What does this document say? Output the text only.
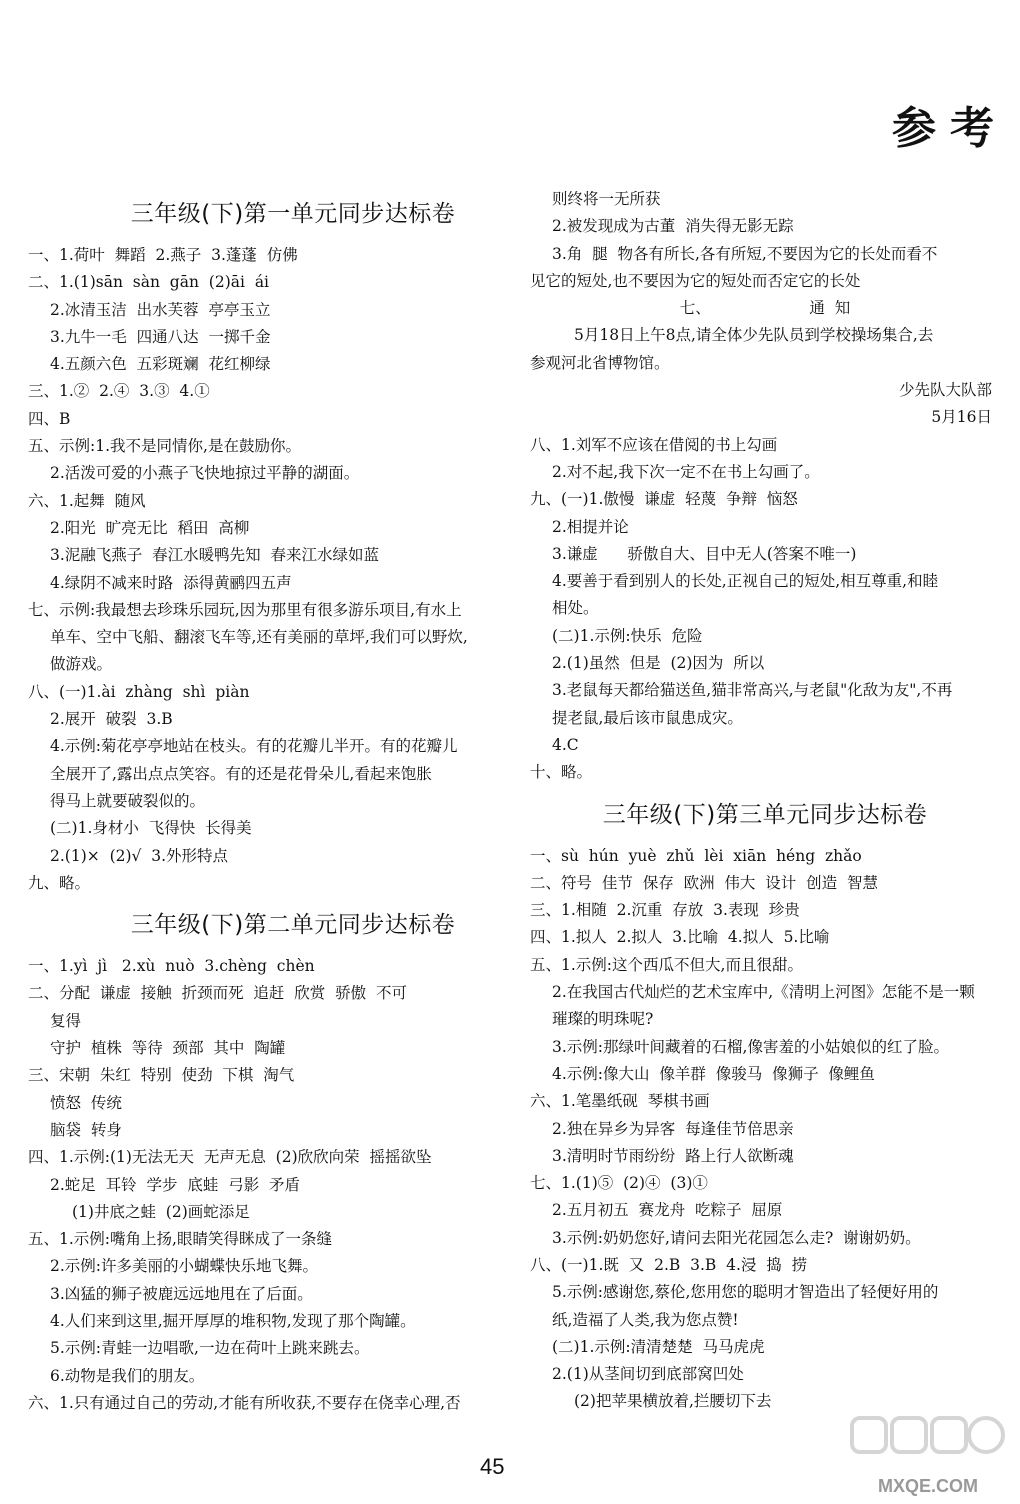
参考
三年级(下)第一单元同步达标卷
一、1.荷叶  舞蹈  2.燕子  3.蓬蓬  仿佛
二、1.(1)sān  sàn  gān  (2)āi  ái
2.冰清玉洁  出水芙蓉  亭亭玉立
3.九牛一毛  四通八达  一掷千金
4.五颜六色  五彩斑斓  花红柳绿
三、1.②  2.④  3.③  4.①
四、B
五、示例:1.我不是同情你,是在鼓励你。
2.活泼可爱的小燕子飞快地掠过平静的湖面。
六、1.起舞  随风
2.阳光  旷亮无比  稻田  高柳
3.泥融飞燕子  春江水暖鸭先知  春来江水绿如蓝
4.绿阴不减来时路  添得黄鹂四五声
七、示例:我最想去珍珠乐园玩,因为那里有很多游乐项目,有水上
单车、空中飞船、翻滚飞车等,还有美丽的草坪,我们可以野炊,
做游戏。
八、(一)1.ài  zhàng  shì  piàn
2.展开  破裂  3.B
4.示例:菊花亭亭地站在枝头。有的花瓣儿半开。有的花瓣儿
全展开了,露出点点笑容。有的还是花骨朵儿,看起来饱胀
得马上就要破裂似的。
(二)1.身材小  飞得快  长得美
2.(1)×  (2)√  3.外形特点
九、略。
三年级(下)第二单元同步达标卷
一、1.yì  jì   2.xù  nuò  3.chèng  chèn
二、分配  谦虚  接触  折颈而死  追赶  欣赏  骄傲  不可
复得
守护  植株  等待  颈部  其中  陶罐
三、宋朝  朱红  特别  使劲  下棋  淘气
愤怒  传统
脑袋  转身
四、1.示例:(1)无法无天  无声无息  (2)欣欣向荣  摇摇欲坠
2.蛇足  耳铃  学步  底蛙  弓影  矛盾
(1)井底之蛙  (2)画蛇添足
五、1.示例:嘴角上扬,眼睛笑得眯成了一条缝
2.示例:许多美丽的小蝴蝶快乐地飞舞。
3.凶猛的狮子被鹿远远地甩在了后面。
4.人们来到这里,掘开厚厚的堆积物,发现了那个陶罐。
5.示例:青蛙一边唱歌,一边在荷叶上跳来跳去。
6.动物是我们的朋友。
六、1.只有通过自己的劳动,才能有所收获,不要存在侥幸心理,否
则终将一无所获
2.被发现成为古董  消失得无影无踪
3.角  腿  物各有所长,各有所短,不要因为它的长处而看不
见它的短处,也不要因为它的短处而否定它的长处
七、                    通  知
5月18日上午8点,请全体少先队员到学校操场集合,去
参观河北省博物馆。
少先队大队部
5月16日
八、1.刘军不应该在借阅的书上勾画
2.对不起,我下次一定不在书上勾画了。
九、(一)1.傲慢  谦虚  轻蔑  争辩  恼怒
2.相提并论
3.谦虚      骄傲自大、目中无人(答案不唯一)
4.要善于看到别人的长处,正视自己的短处,相互尊重,和睦
相处。
(二)1.示例:快乐  危险
2.(1)虽然  但是  (2)因为  所以
3.老鼠每天都给猫送鱼,猫非常高兴,与老鼠"化敌为友",不再
提老鼠,最后该市鼠患成灾。
4.C
十、略。
三年级(下)第三单元同步达标卷
一、sù  hún  yuè  zhǔ  lèi  xiān  héng  zhǎo
二、符号  佳节  保存  欧洲  伟大  设计  创造  智慧
三、1.相随  2.沉重  存放  3.表现  珍贵
四、1.拟人  2.拟人  3.比喻  4.拟人  5.比喻
五、1.示例:这个西瓜不但大,而且很甜。
2.在我国古代灿烂的艺术宝库中,《清明上河图》怎能不是一颗
璀璨的明珠呢?
3.示例:那绿叶间藏着的石榴,像害羞的小姑娘似的红了脸。
4.示例:像大山  像羊群  像骏马  像狮子  像鲤鱼
六、1.笔墨纸砚  琴棋书画
2.独在异乡为异客  每逢佳节倍思亲
3.清明时节雨纷纷  路上行人欲断魂
七、1.(1)⑤  (2)④  (3)①
2.五月初五  赛龙舟  吃粽子  屈原
3.示例:奶奶您好,请问去阳光花园怎么走?  谢谢奶奶。
八、(一)1.既  又  2.B  3.B  4.浸  捣  捞
5.示例:感谢您,蔡伦,您用您的聪明才智造出了轻便好用的
纸,造福了人类,我为您点赞!
(二)1.示例:清清楚楚  马马虎虎
2.(1)从茎间切到底部窝凹处
(2)把苹果横放着,拦腰切下去
45
MXQE.COM
